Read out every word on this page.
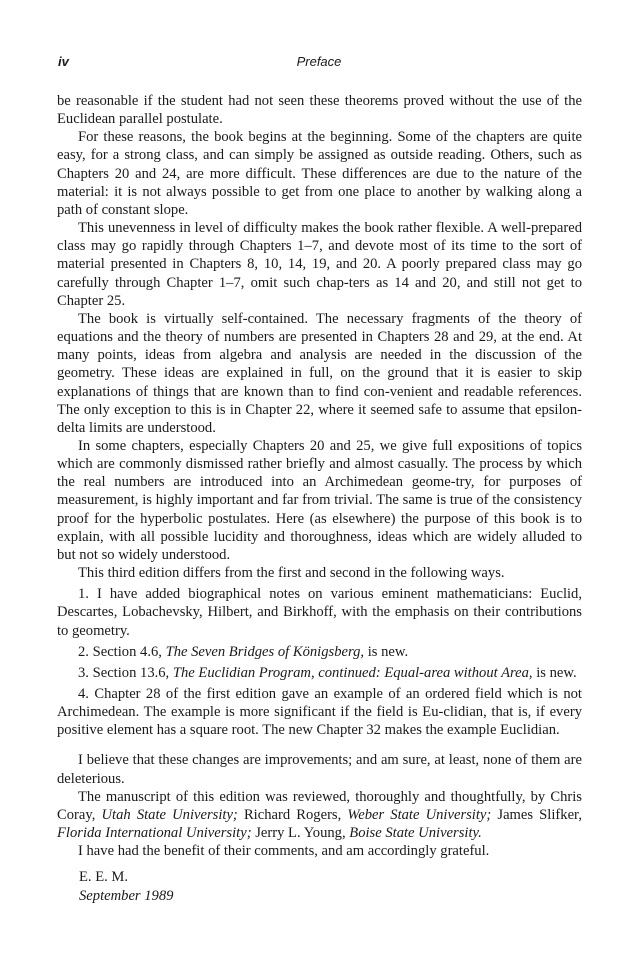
iv	Preface

be reasonable if the student had not seen these theorems proved without the use of the Euclidean parallel postulate.

For these reasons, the book begins at the beginning. Some of the chapters are quite easy, for a strong class, and can simply be assigned as outside reading. Others, such as Chapters 20 and 24, are more difficult. These differences are due to the nature of the material: it is not always possible to get from one place to another by walking along a path of constant slope.

This unevenness in level of difficulty makes the book rather flexible. A well-prepared class may go rapidly through Chapters 1–7, and devote most of its time to the sort of material presented in Chapters 8, 10, 14, 19, and 20. A poorly prepared class may go carefully through Chapter 1–7, omit such chap-ters as 14 and 20, and still not get to Chapter 25.

The book is virtually self-contained. The necessary fragments of the theory of equations and the theory of numbers are presented in Chapters 28 and 29, at the end. At many points, ideas from algebra and analysis are needed in the discussion of the geometry. These ideas are explained in full, on the ground that it is easier to skip explanations of things that are known than to find con-venient and readable references. The only exception to this is in Chapter 22, where it seemed safe to assume that epsilon-delta limits are understood.

In some chapters, especially Chapters 20 and 25, we give full expositions of topics which are commonly dismissed rather briefly and almost casually. The process by which the real numbers are introduced into an Archimedean geome-try, for purposes of measurement, is highly important and far from trivial. The same is true of the consistency proof for the hyperbolic postulates. Here (as elsewhere) the purpose of this book is to explain, with all possible lucidity and thoroughness, ideas which are widely alluded to but not so widely understood.

This third edition differs from the first and second in the following ways.

1. I have added biographical notes on various eminent mathematicians: Euclid, Descartes, Lobachevsky, Hilbert, and Birkhoff, with the emphasis on their contributions to geometry.

2. Section 4.6, The Seven Bridges of Königsberg, is new.

3. Section 13.6, The Euclidian Program, continued: Equal-area without Area, is new.

4. Chapter 28 of the first edition gave an example of an ordered field which is not Archimedean. The example is more significant if the field is Eu-clidian, that is, if every positive element has a square root. The new Chapter 32 makes the example Euclidian.

I believe that these changes are improvements; and am sure, at least, none of them are deleterious.

The manuscript of this edition was reviewed, thoroughly and thoughtfully, by Chris Coray, Utah State University; Richard Rogers, Weber State University; James Slifker, Florida International University; Jerry L. Young, Boise State University.

I have had the benefit of their comments, and am accordingly grateful.

E. E. M.

September 1989
